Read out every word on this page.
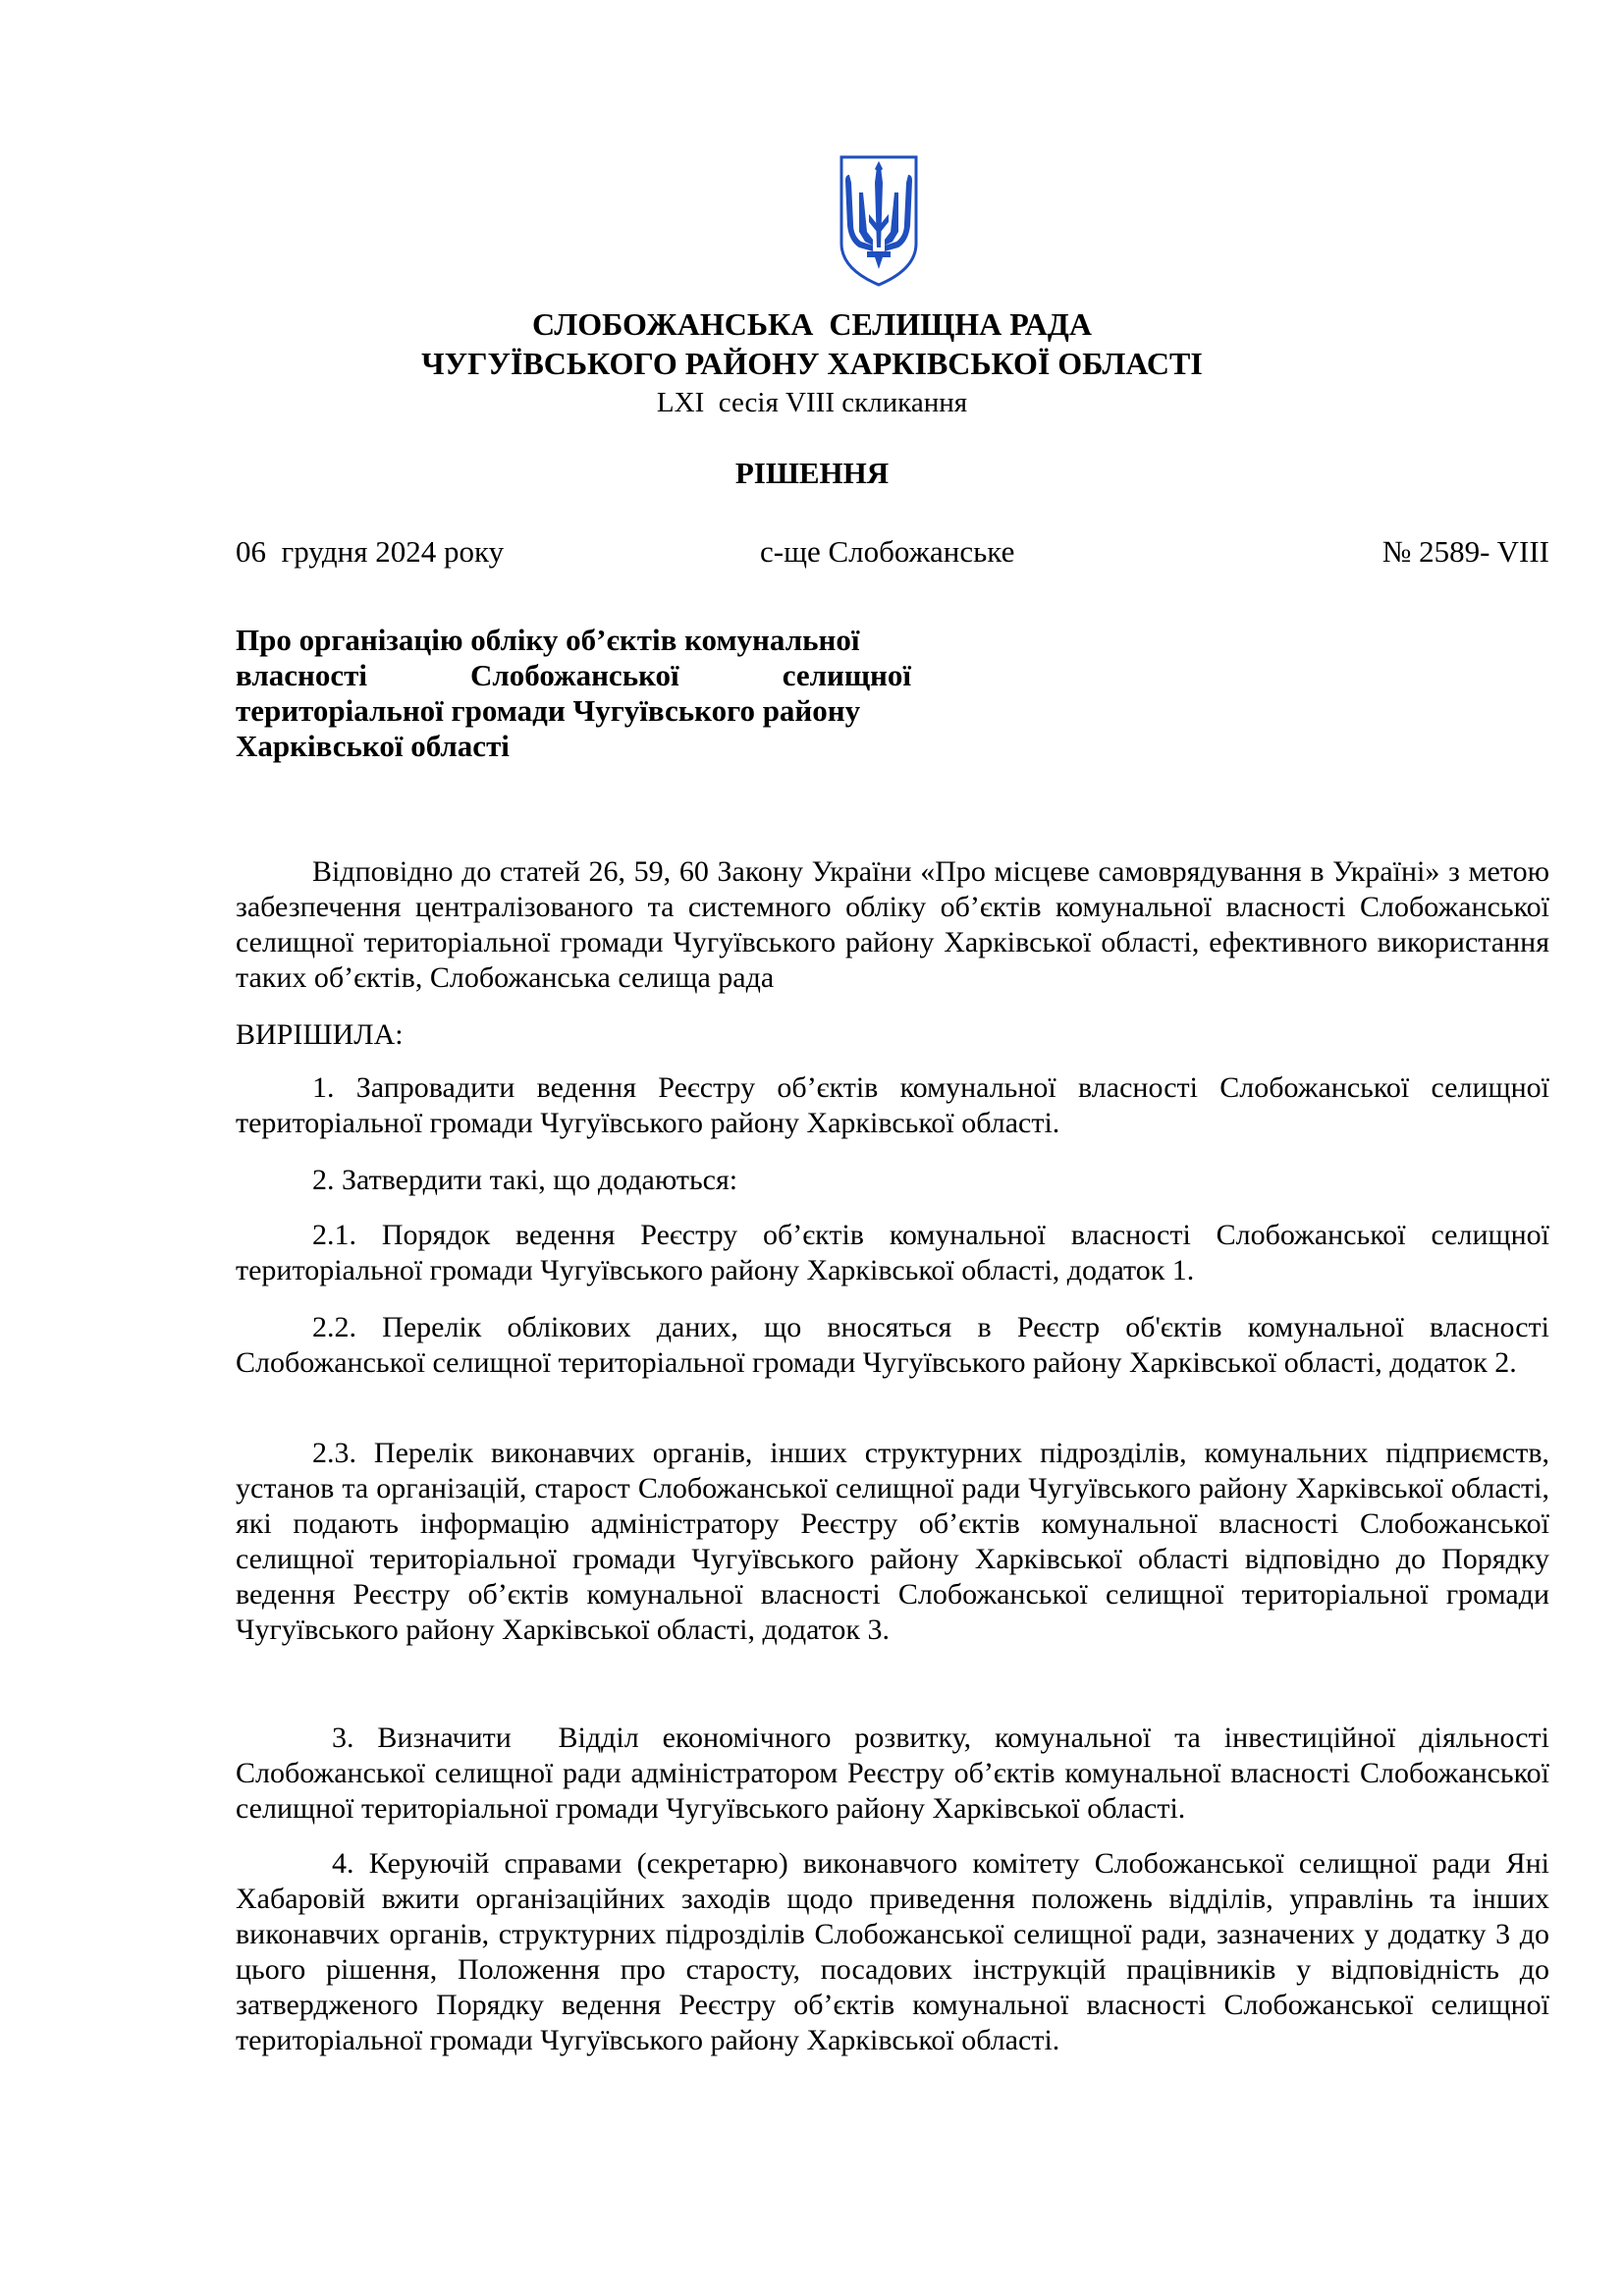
СЛОБОЖАНСЬКА  СЕЛИЩНА РАДА
ЧУГУЇВСЬКОГО РАЙОНУ ХАРКІВСЬКОЇ ОБЛАСТІ
LXI  сесія VIII скликання
РІШЕННЯ
06  грудня 2024 року	с-ще Слобожанське	№ 2589- VIII
Про організацію обліку об’єктів комунальної
власності Слобожанської селищної
територіальної громади Чугуївського району
Харківської області

Відповідно до статей 26, 59, 60 Закону України «Про місцеве самоврядування в Україні» з метою забезпечення централізованого та системного обліку об’єктів комунальної власності Слобожанської селищної територіальної громади Чугуївського району Харківської області, ефективного використання таких об’єктів, Слобожанська селища рада

ВИРІШИЛА:

1. Запровадити ведення Реєстру об’єктів комунальної власності Слобожанської селищної територіальної громади Чугуївського району Харківської області.

2. Затвердити такі, що додаються:

2.1. Порядок ведення Реєстру об’єктів комунальної власності Слобожанської селищної територіальної громади Чугуївського району Харківської області, додаток 1.

2.2. Перелік облікових даних, що вносяться в Реєстр об'єктів комунальної власності Слобожанської селищної територіальної громади Чугуївського району Харківської області, додаток 2.

2.3. Перелік виконавчих органів, інших структурних підрозділів, комунальних підприємств, установ та організацій, старост Слобожанської селищної ради Чугуївського району Харківської області, які подають інформацію адміністратору Реєстру об’єктів комунальної власності Слобожанської селищної територіальної громади Чугуївського району Харківської області відповідно до Порядку ведення Реєстру об’єктів комунальної власності Слобожанської селищної територіальної громади Чугуївського району Харківської області, додаток 3.

3. Визначити  Відділ економічного розвитку, комунальної та інвестиційної діяльності Слобожанської селищної ради адміністратором Реєстру об’єктів комунальної власності Слобожанської селищної територіальної громади Чугуївського району Харківської області.

4. Керуючій справами (секретарю) виконавчого комітету Слобожанської селищної ради Яні Хабаровій вжити організаційних заходів щодо приведення положень відділів, управлінь та інших виконавчих органів, структурних підрозділів Слобожанської селищної ради, зазначених у додатку 3 до цього рішення, Положення про старосту, посадових інструкцій працівників у відповідність до затвердженого Порядку ведення Реєстру об’єктів комунальної власності Слобожанської селищної територіальної громади Чугуївського району Харківської області.
